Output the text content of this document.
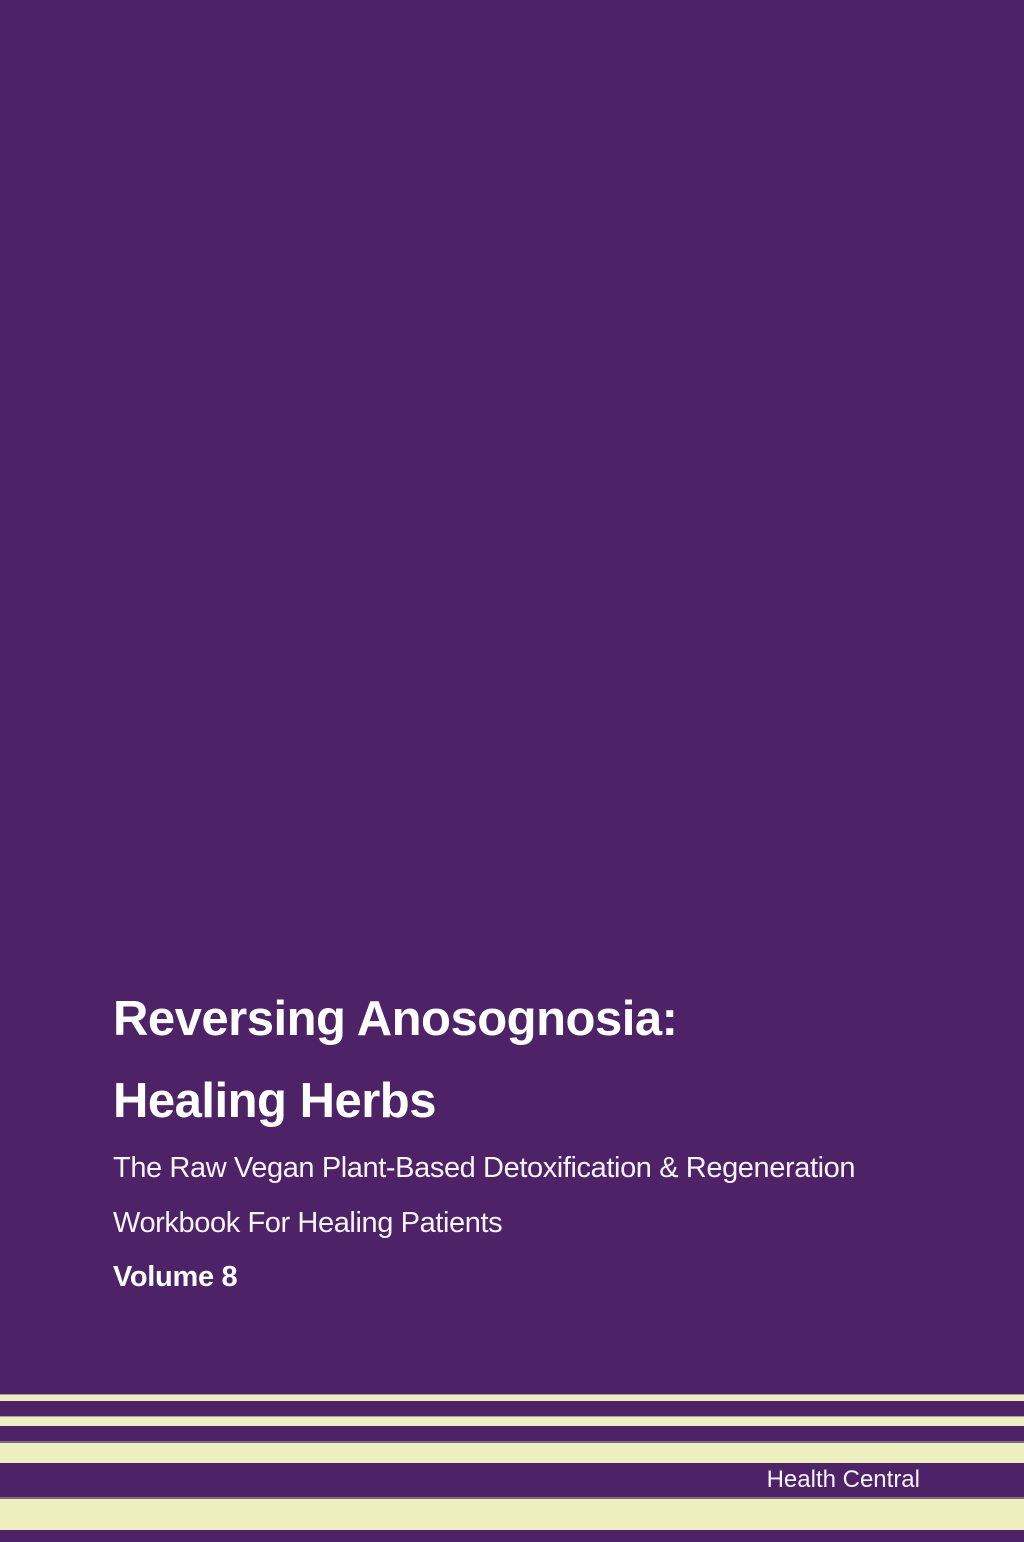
Reversing Anosognosia:
Healing Herbs
The Raw Vegan Plant-Based Detoxification & Regeneration
Workbook For Healing Patients
Volume 8
Health Central
